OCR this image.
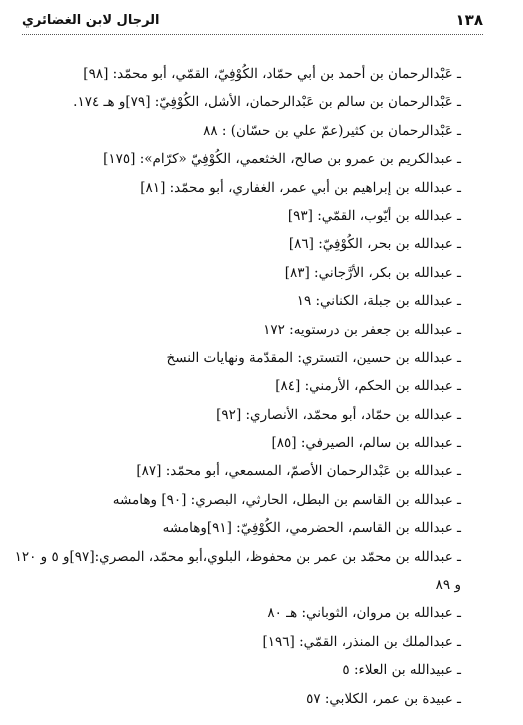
١٣٨
الرجال لابن الغضائري
ـ عَبْدالرحمان بن أحمد بن أبي حمّاد، الكُوْفِيّ، القمّي، أبو محمّد: [٩٨]
ـ عَبْدالرحمان بن سالم بن عَبْدالرحمان، الأشل، الكُوْفِيّ: [٧٩]و هـ ١٧٤.
ـ عَبْدالرحمان بن كثير(عمّ علي بن حسّان) : ٨٨
ـ عبدالكريم بن عمرو بن صالح، الخثعمي، الكُوْفِيّ «كرّام»: [١٧٥]
ـ عبدالله بن إبراهيم بن أبي عمر، الغفاري، أبو محمّد: [٨١]
ـ عبدالله بن أيّوب، القمّي: [٩٣]
ـ عبدالله بن بحر، الكُوْفِيّ: [٨٦]
ـ عبدالله بن بكر، الأرَّجاني: [٨٣]
ـ عبدالله بن جبلة، الكناني: ١٩
ـ عبدالله بن جعفر بن درستويه: ١٧٢
ـ عبدالله بن حسين، التستري: المقدّمة ونهايات النسخ
ـ عبدالله بن الحكم، الأرمني: [٨٤]
ـ عبدالله بن حمّاد، أبو محمّد، الأنصاري: [٩٢]
ـ عبدالله بن سالم، الصيرفي: [٨٥]
ـ عبدالله بن عَبْدالرحمان الأصمّ، المسمعي، أبو محمّد: [٨٧]
ـ عبدالله بن القاسم بن البطل، الحارثي، البصري: [٩٠] وهامشه
ـ عبدالله بن القاسم، الحضرمي، الكُوْفِيّ: [٩١]وهامشه
ـ عبدالله بن محمّد بن عمر بن محفوظ، البلوي،أبو محمّد، المصري:[٩٧]و ٥ و ١٢٠
و ٨٩
ـ عبدالله بن مروان، الثوباني: هـ ٨٠
ـ عبدالملك بن المنذر، القمّي: [١٩٦]
ـ عبيدالله بن العلاء: ٥
ـ عبيدة بن عمر، الكلابي: ٥٧
